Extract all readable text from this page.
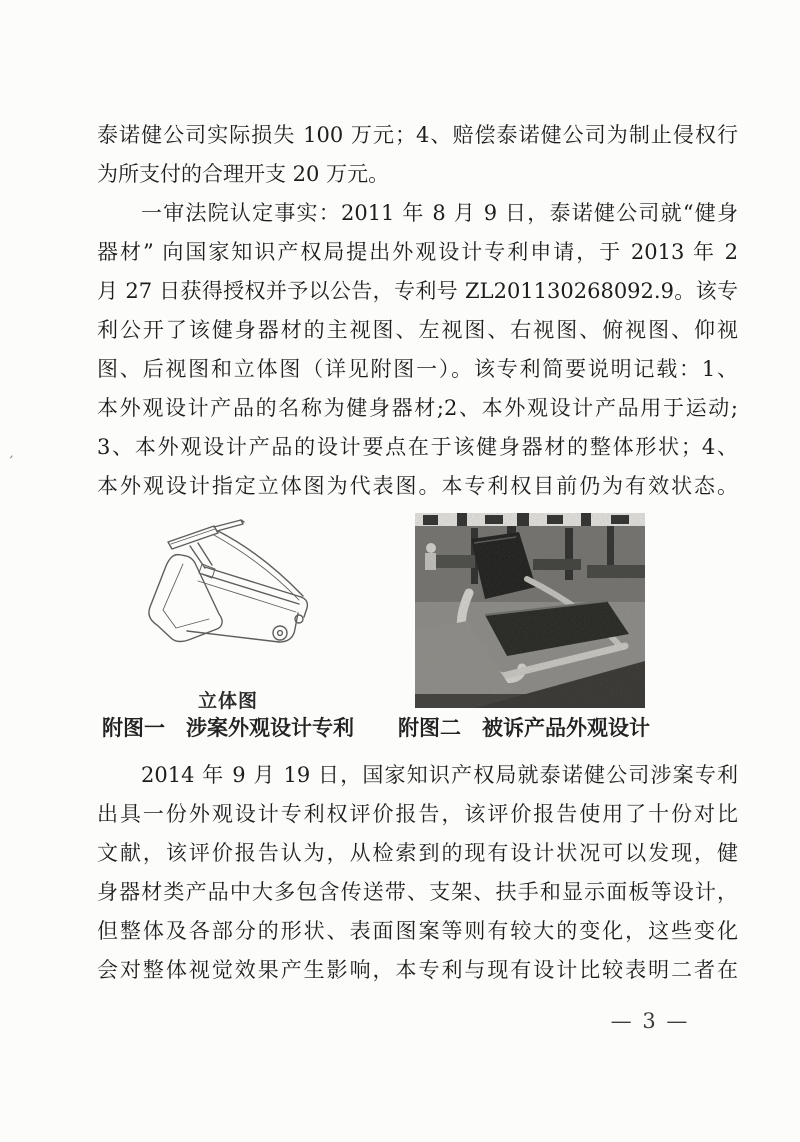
泰诺健公司实际损失 100 万元；4、赔偿泰诺健公司为制止侵权行
为所支付的合理开支 20 万元。
一审法院认定事实：2011 年 8 月 9 日，泰诺健公司就“健身
器材” 向国家知识产权局提出外观设计专利申请，于 2013 年 2
月 27 日获得授权并予以公告，专利号 ZL201130268092.9。该专
利公开了该健身器材的主视图、左视图、右视图、俯视图、仰视
图、后视图和立体图（详见附图一）。该专利简要说明记载：1、
本外观设计产品的名称为健身器材;2、本外观设计产品用于运动;
3、本外观设计产品的设计要点在于该健身器材的整体形状；4、
本外观设计指定立体图为代表图。本专利权目前仍为有效状态。
立体图
附图一　涉案外观设计专利 附图二　被诉产品外观设计
2014 年 9 月 19 日，国家知识产权局就泰诺健公司涉案专利
出具一份外观设计专利权评价报告，该评价报告使用了十份对比
文献，该评价报告认为，从检索到的现有设计状况可以发现，健
身器材类产品中大多包含传送带、支架、扶手和显示面板等设计，
但整体及各部分的形状、表面图案等则有较大的变化，这些变化
会对整体视觉效果产生影响，本专利与现有设计比较表明二者在
— 3 —
‚
